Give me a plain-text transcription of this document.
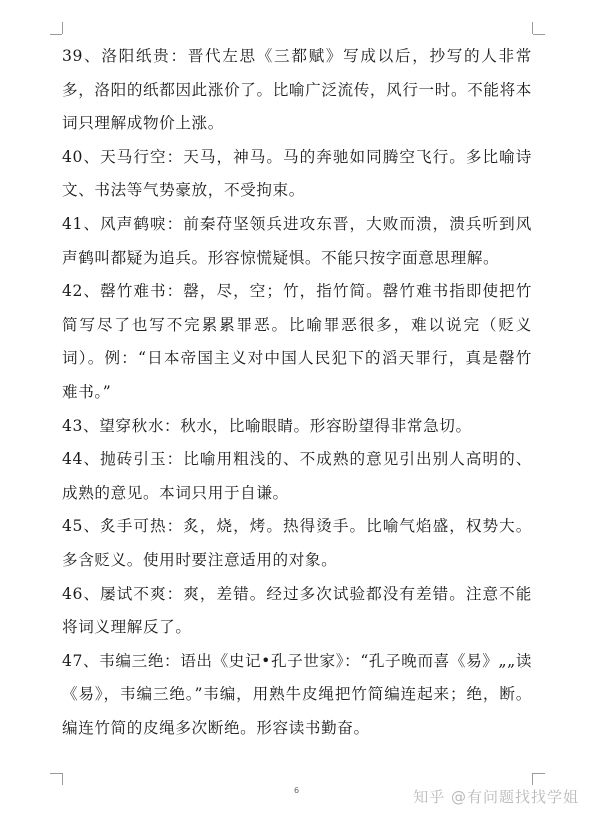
39、洛阳纸贵：晋代左思《三都赋》写成以后，抄写的人非常多，洛阳的纸都因此涨价了。比喻广泛流传，风行一时。不能将本词只理解成物价上涨。

40、天马行空：天马，神马。马的奔驰如同腾空飞行。多比喻诗文、书法等气势豪放，不受拘束。

41、风声鹤唳：前秦苻坚领兵进攻东晋，大败而溃，溃兵听到风声鹤叫都疑为追兵。形容惊慌疑惧。不能只按字面意思理解。

42、罄竹难书：罄，尽，空；竹，指竹简。罄竹难书指即使把竹简写尽了也写不完累累罪恶。比喻罪恶很多，难以说完（贬义词）。例：“日本帝国主义对中国人民犯下的滔天罪行，真是罄竹难书。”

43、望穿秋水：秋水，比喻眼睛。形容盼望得非常急切。

44、抛砖引玉：比喻用粗浅的、不成熟的意见引出别人高明的、成熟的意见。本词只用于自谦。

45、炙手可热：炙，烧，烤。热得烫手。比喻气焰盛，权势大。多含贬义。使用时要注意适用的对象。

46、屡试不爽：爽，差错。经过多次试验都没有差错。注意不能将词义理解反了。

47、韦编三绝：语出《史记•孔子世家》：“孔子晚而喜《易》„„读《易》，韦编三绝。”韦编，用熟牛皮绳把竹简编连起来；绝，断。编连竹简的皮绳多次断绝。形容读书勤奋。

6	知乎 @有问题找找学姐
